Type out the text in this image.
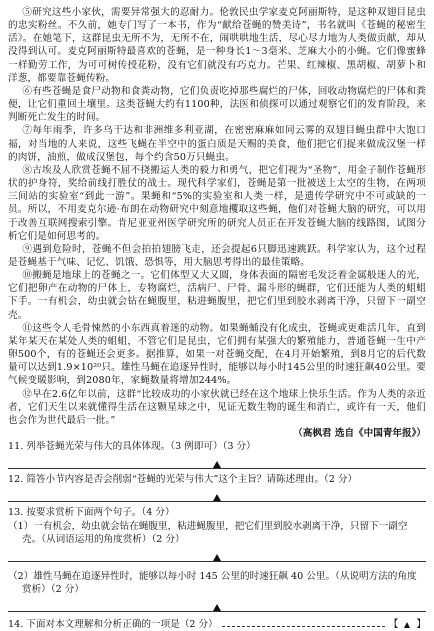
⑤研究这些小家伙，需要异常强大的忍耐力。伦敦民虫学家麦克阿丽斯特，是这种双翅目昆虫的忠实粉丝。不久前，她专门写了一本书，作为“献给苍蝇的赞美诗”，书名就叫《苍蝇的秘密生活》。在她笔下，这群昆虫无所不为，无所不在，闹哄哄地生活，尽心尽力地为人类做贡献，却从没得到认可。麦克阿丽斯特最喜欢的苍蝇，是一种身长1～3毫米、芝麻大小的小蝇。它们像蜜蜂一样勤劳工作，为可可树传授花粉，没有它们就没有巧克力。芒果、红辣椒、黑胡椒、胡萝卜和洋葱，都要靠苍蝇传粉。

⑥有些苍蝇是食尸动物和食粪动物，它们负责吃掉那些腐烂的尸体，回收动物腐烂的尸体和粪便，让它们重回土壤里。这类苍蝇大约有1100种，法医和侦探可以通过观察它们的发育阶段，来判断死亡发生的时间。

⑦每年雨季，许多乌干达和非洲维多利亚湖，在密密麻麻如同云雾的双翅目蝇虫群中大饱口福，对当地的人来说，这些飞蝇在半空中的蛋白质是天赐的美食，他们把它们捉来做成汉堡一样的肉饼，油煎，做成汉堡包，每个约含50万只蝇虫。

⑧古埃及人欣赏苍蝇不屈不挠搬运人类的毅力和勇气，把它们视为“圣物”，用金子制作苍蝇形状的护身符，奖给前线打胜仗的战士。现代科学家们，苍蝇是第一批被送上太空的生物，在两项三间站的实验室“到此一游”。果蝇和“5%的实验室和人类一样，是遗传学研究中不可或缺的一员。所以，不用麦克尔逊·布朗在动物研究中刻意地攫取这些蝇，他们对苍蝇大脑的研究，可以用于改善互联网搜索引擎。肯尼亚亚州医学研究所的研究人员正在开发苍蝇大脑的线路图，试图分析它们是如何思考的。

⑨遇到危险时，苍蝇不但会拍拍翅膀飞走，还会提起6只脚迅速跳跃。科学家认为，这个过程是苍蝇基于气味、记忆、饥饿、恐惧等，用大脑思考得出的最佳策略。

⑩搬蝇是地球上的苍蝇之一。它们体型又大又圆，身体表面的隔密毛发泛着金属般迷人的光，它们把卵产在动物的尸体上，专物腐烂，活病尸、尸骨、漏斗形的蝇群，它们还能为人类的蛆蛆下手。一有机会，幼虫就会钻在蝇腹里，粘进蝇腹里，把它们里到胶水剥离干净，只留下一副空壳。

⑪这些令人毛骨悚然的小东西真着迷的动物。如果蝇蛹没有化成虫，苍蝇或更难活几年，直到某年某天在某处人类的蛆蛆，不管它们是昆虫，它们拥有某强大的繁殖能力，普通苍蝇一生中产卵500个，有的苍蝇还会更多。据推算，如果一对苍蝇交配，在4月开始繁殖，到8月它的后代数量可以达到1.9×10²⁰只。雄性马蝇在追逐异性时，能够以每小时145公里的时速狂飙40公里。要气候变暖影响，到2080年，家蝇数量将增加244%。

⑫早在2.6亿年以前，这群“比较成功的小家伙就已经在这个地球上快乐生活。作为人类的亲近者，它们天生以来就懂得生活在这颗星球之中，见证无数生物的诞生和消亡，或许有一天，他们也会作为世代最后一批。”

（高枫君 选自《中国青年报》）

11. 列举苍蝇光荣与伟大的具体体现。（3 例即可）（3 分）

12. 简答小节内容是否会削弱“苍蝇的光荣与伟大”这个主旨？请陈述理由。（2 分）

13. 按要求赏析下面两个句子。（4 分）

（1）一有机会，幼虫就会钻在蝇腹里，粘进蝇腹里，把它们里到胶水剥离干净，只留下一副空壳。（从词语运用的角度赏析）（2 分）

（2）雄性马蝇在追逐异性时，能够以每小时 145 公里的时速狂飙 40 公里。（从说明方法的角度赏析）（2 分）

14. 下面对本文理解和分析正确的一项是（2 分）	【 】
